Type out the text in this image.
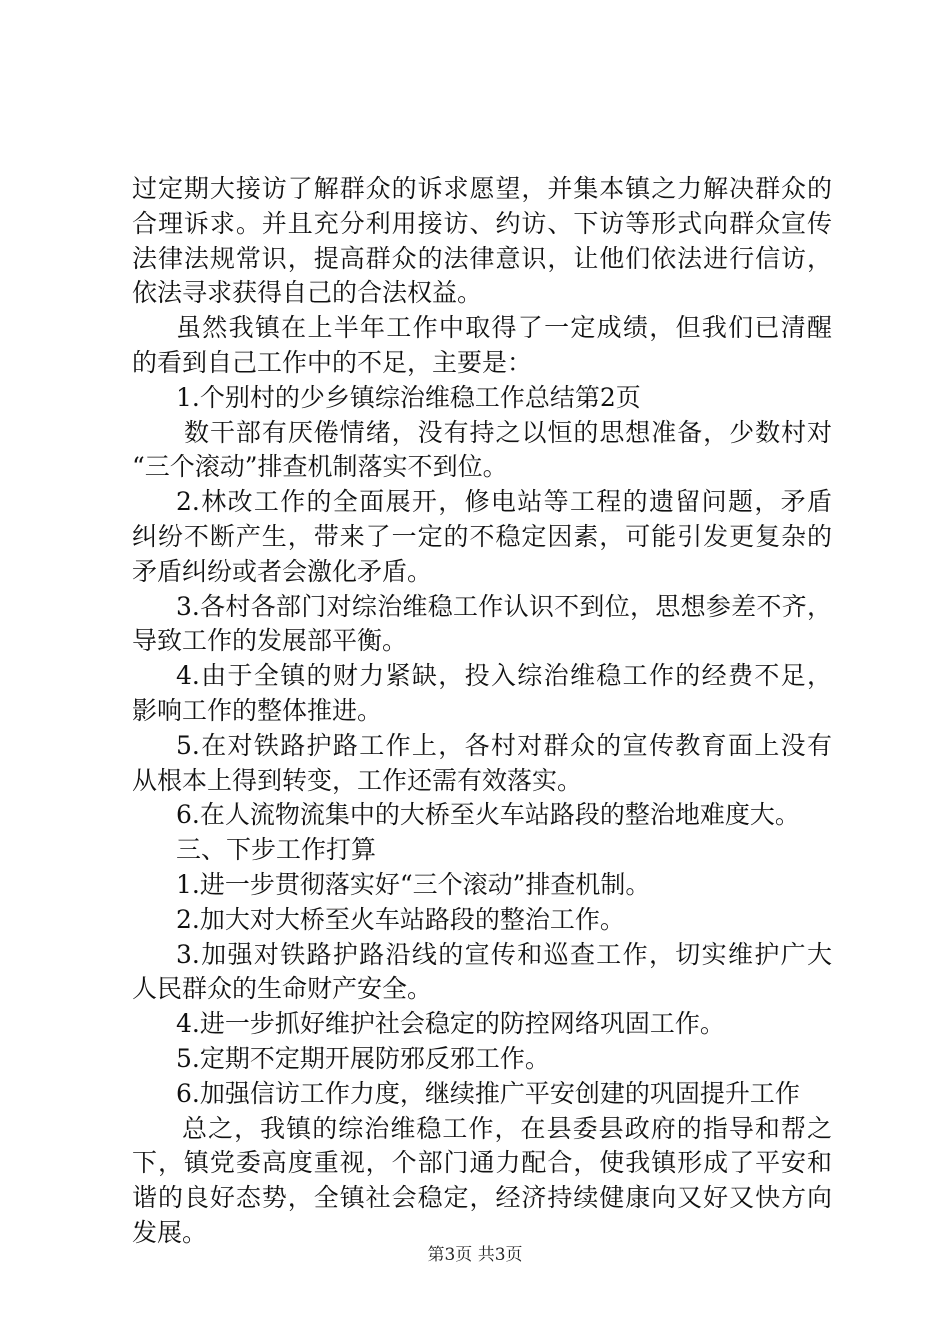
过定期大接访了解群众的诉求愿望，并集本镇之力解决群众的
合理诉求。并且充分利用接访、约访、下访等形式向群众宣传
法律法规常识，提高群众的法律意识，让他们依法进行信访，
依法寻求获得自己的合法权益。
虽然我镇在上半年工作中取得了一定成绩，但我们已清醒
的看到自己工作中的不足，主要是：
1.个别村的少乡镇综治维稳工作总结第2页
数干部有厌倦情绪，没有持之以恒的思想准备，少数村对
“三个滚动”排查机制落实不到位。
2.林改工作的全面展开，修电站等工程的遗留问题，矛盾
纠纷不断产生，带来了一定的不稳定因素，可能引发更复杂的
矛盾纠纷或者会激化矛盾。
3.各村各部门对综治维稳工作认识不到位，思想参差不齐，
导致工作的发展部平衡。
4.由于全镇的财力紧缺，投入综治维稳工作的经费不足，
影响工作的整体推进。
5.在对铁路护路工作上，各村对群众的宣传教育面上没有
从根本上得到转变，工作还需有效落实。
6.在人流物流集中的大桥至火车站路段的整治地难度大。
三、下步工作打算
1.进一步贯彻落实好“三个滚动”排查机制。
2.加大对大桥至火车站路段的整治工作。
3.加强对铁路护路沿线的宣传和巡查工作，切实维护广大
人民群众的生命财产安全。
4.进一步抓好维护社会稳定的防控网络巩固工作。
5.定期不定期开展防邪反邪工作。
6.加强信访工作力度，继续推广平安创建的巩固提升工作
总之，我镇的综治维稳工作，在县委县政府的指导和帮之
下，镇党委高度重视，个部门通力配合，使我镇形成了平安和
谐的良好态势，全镇社会稳定，经济持续健康向又好又快方向
发展。
第3页 共3页
